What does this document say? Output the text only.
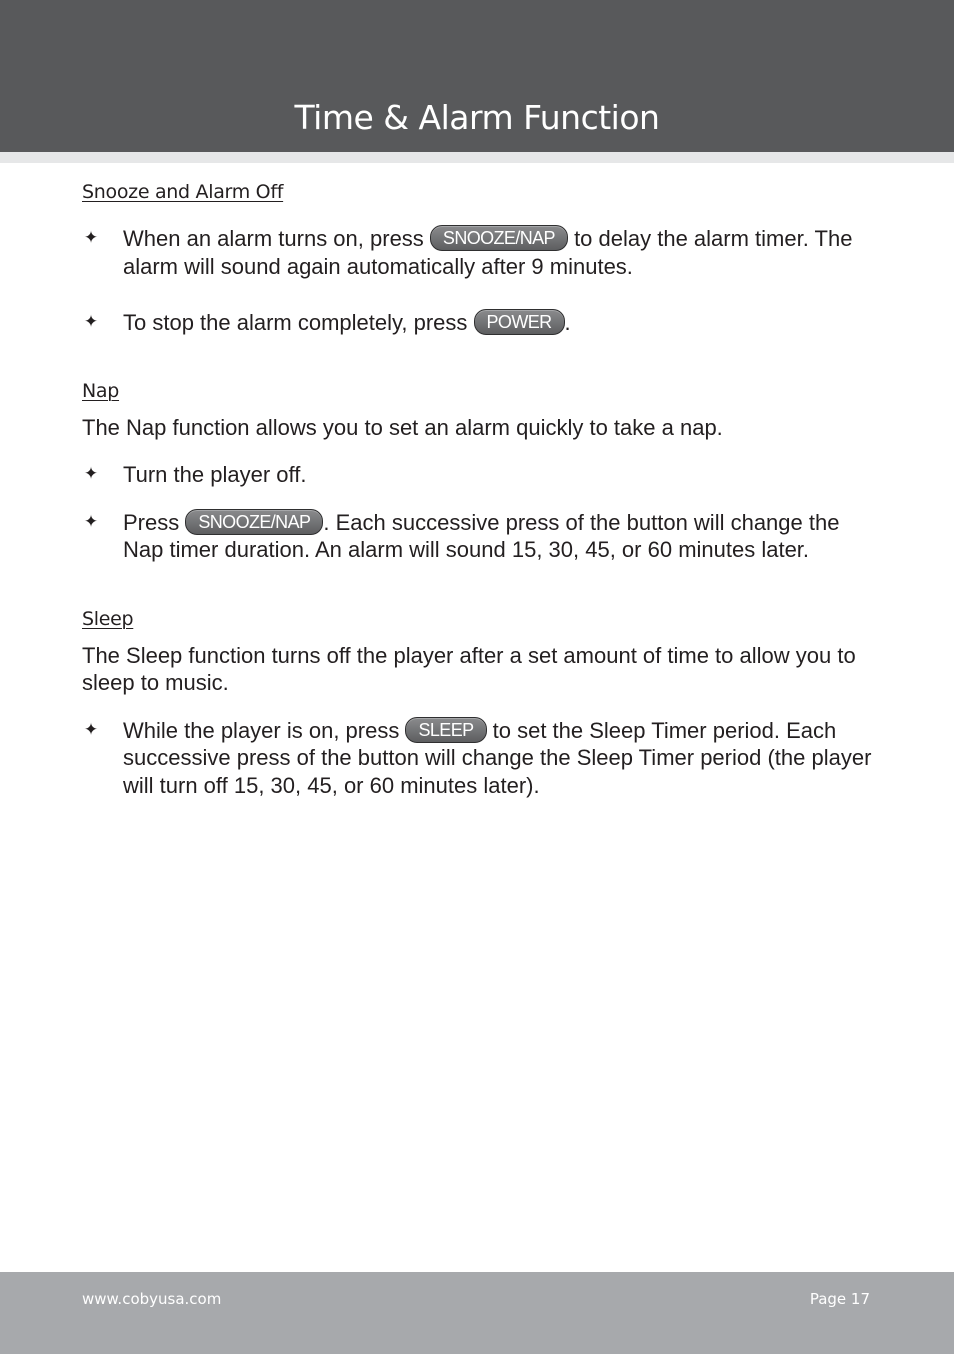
Time & Alarm Function
Snooze and Alarm Off
✦ When an alarm turns on, press SNOOZE/NAP to delay the alarm timer. The alarm will sound again automatically after 9 minutes.
✦ To stop the alarm completely, press POWER .
Nap
The Nap function allows you to set an alarm quickly to take a nap.
✦ Turn the player off.
✦ Press SNOOZE/NAP . Each successive press of the button will change the Nap timer duration. An alarm will sound 15, 30, 45, or 60 minutes later.
Sleep
The Sleep function turns off the player after a set amount of time to allow you to sleep to music.
✦ While the player is on, press SLEEP to set the Sleep Timer period. Each successive press of the button will change the Sleep Timer period (the player will turn off 15, 30, 45, or 60 minutes later).
www.cobyusa.com	Page 17
